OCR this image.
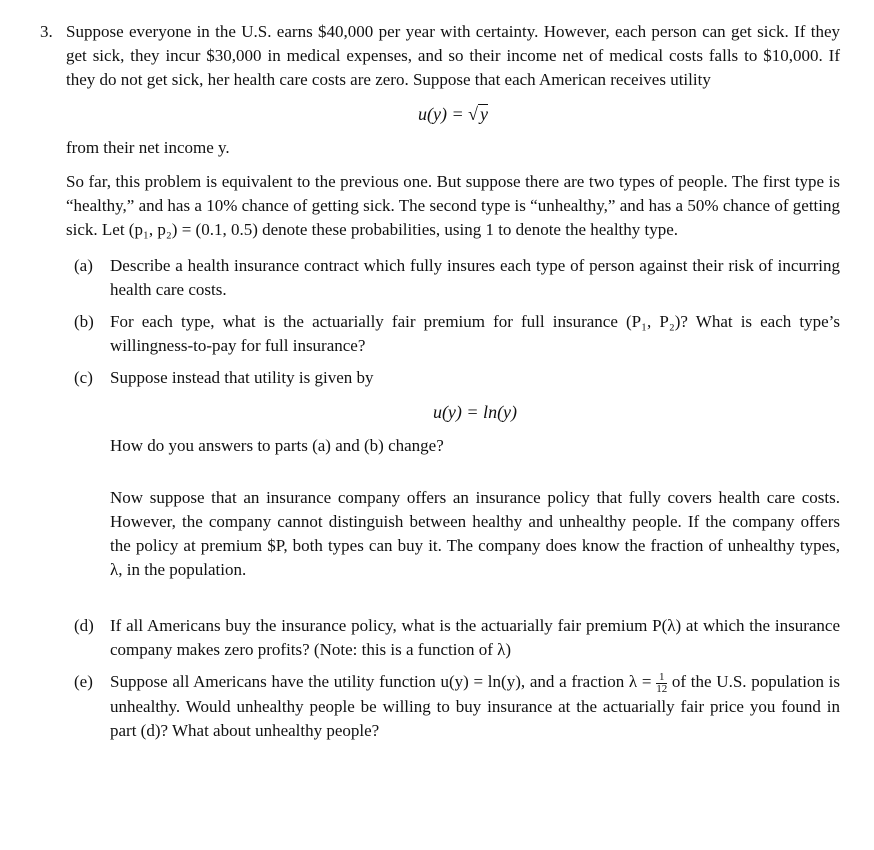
3. Suppose everyone in the U.S. earns $40,000 per year with certainty. However, each person can get sick. If they get sick, they incur $30,000 in medical expenses, and so their income net of medical costs falls to $10,000. If they do not get sick, her health care costs are zero. Suppose that each American receives utility

u(y) = √ y

from their net income y.

So far, this problem is equivalent to the previous one. But suppose there are two types of people. The first type is “healthy,” and has a 10% chance of getting sick. The second type is “unhealthy,” and has a 50% chance of getting sick. Let (p₁, p₂) = (0.1, 0.5) denote these probabilities, using 1 to denote the healthy type.

(a) Describe a health insurance contract which fully insures each type of person against their risk of incurring health care costs.
(b) For each type, what is the actuarially fair premium for full insurance (P₁, P₂)? What is each type’s willingness-to-pay for full insurance?
(c) Suppose instead that utility is given by
u(y) = ln(y)
How do you answers to parts (a) and (b) change?
Now suppose that an insurance company offers an insurance policy that fully covers health care costs. However, the company cannot distinguish between healthy and unhealthy people. If the company offers the policy at premium $P, both types can buy it. The company does know the fraction of unhealthy types, λ, in the population.
(d) If all Americans buy the insurance policy, what is the actuarially fair premium P(λ) at which the insurance company makes zero profits? (Note: this is a function of λ)
(e) Suppose all Americans have the utility function u(y) = ln(y), and a fraction $\lambda = \frac{1}{12}$ of the U.S. population is unhealthy. Would unhealthy people be willing to buy insurance at the actuarially fair price you found in part (d)? What about unhealthy people?
